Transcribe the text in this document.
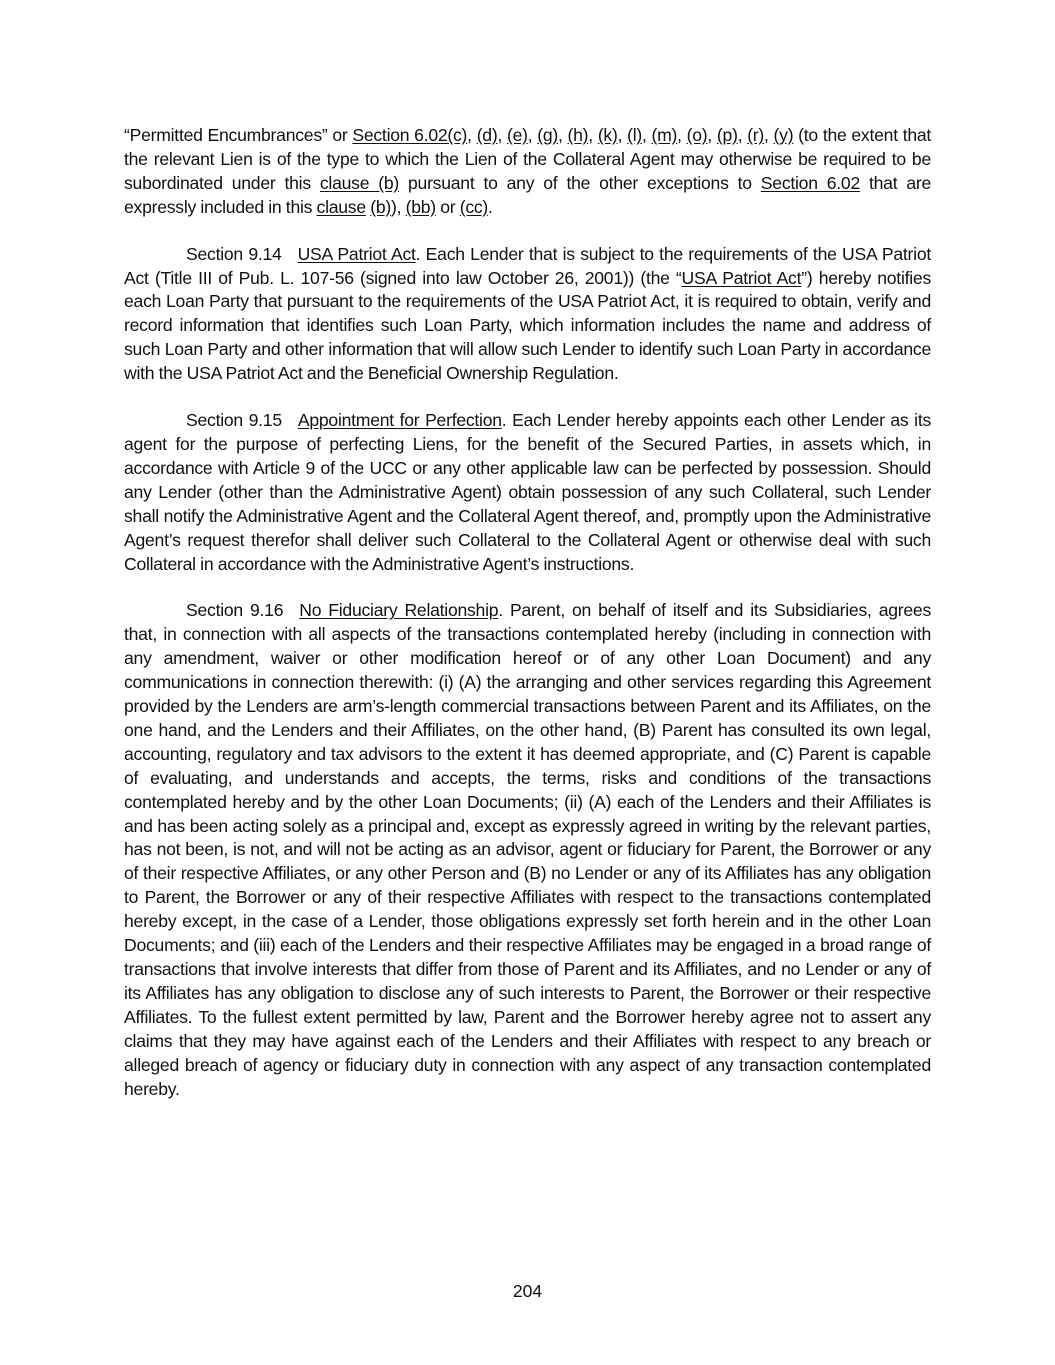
“Permitted Encumbrances” or Section 6.02(c), (d), (e), (g), (h), (k), (l), (m), (o), (p), (r), (y) (to the extent that the relevant Lien is of the type to which the Lien of the Collateral Agent may otherwise be required to be subordinated under this clause (b) pursuant to any of the other exceptions to Section 6.02 that are expressly included in this clause (b)), (bb) or (cc).

Section 9.14 USA Patriot Act. Each Lender that is subject to the requirements of the USA Patriot Act (Title III of Pub. L. 107-56 (signed into law October 26, 2001)) (the “USA Patriot Act”) hereby notifies each Loan Party that pursuant to the requirements of the USA Patriot Act, it is required to obtain, verify and record information that identifies such Loan Party, which information includes the name and address of such Loan Party and other information that will allow such Lender to identify such Loan Party in accordance with the USA Patriot Act and the Beneficial Ownership Regulation.

Section 9.15 Appointment for Perfection. Each Lender hereby appoints each other Lender as its agent for the purpose of perfecting Liens, for the benefit of the Secured Parties, in assets which, in accordance with Article 9 of the UCC or any other applicable law can be perfected by possession. Should any Lender (other than the Administrative Agent) obtain possession of any such Collateral, such Lender shall notify the Administrative Agent and the Collateral Agent thereof, and, promptly upon the Administrative Agent’s request therefor shall deliver such Collateral to the Collateral Agent or otherwise deal with such Collateral in accordance with the Administrative Agent’s instructions.

Section 9.16 No Fiduciary Relationship. Parent, on behalf of itself and its Subsidiaries, agrees that, in connection with all aspects of the transactions contemplated hereby (including in connection with any amendment, waiver or other modification hereof or of any other Loan Document) and any communications in connection therewith: (i) (A) the arranging and other services regarding this Agreement provided by the Lenders are arm’s-length commercial transactions between Parent and its Affiliates, on the one hand, and the Lenders and their Affiliates, on the other hand, (B) Parent has consulted its own legal, accounting, regulatory and tax advisors to the extent it has deemed appropriate, and (C) Parent is capable of evaluating, and understands and accepts, the terms, risks and conditions of the transactions contemplated hereby and by the other Loan Documents; (ii) (A) each of the Lenders and their Affiliates is and has been acting solely as a principal and, except as expressly agreed in writing by the relevant parties, has not been, is not, and will not be acting as an advisor, agent or fiduciary for Parent, the Borrower or any of their respective Affiliates, or any other Person and (B) no Lender or any of its Affiliates has any obligation to Parent, the Borrower or any of their respective Affiliates with respect to the transactions contemplated hereby except, in the case of a Lender, those obligations expressly set forth herein and in the other Loan Documents; and (iii) each of the Lenders and their respective Affiliates may be engaged in a broad range of transactions that involve interests that differ from those of Parent and its Affiliates, and no Lender or any of its Affiliates has any obligation to disclose any of such interests to Parent, the Borrower or their respective Affiliates. To the fullest extent permitted by law, Parent and the Borrower hereby agree not to assert any claims that they may have against each of the Lenders and their Affiliates with respect to any breach or alleged breach of agency or fiduciary duty in connection with any aspect of any transaction contemplated hereby.

204
